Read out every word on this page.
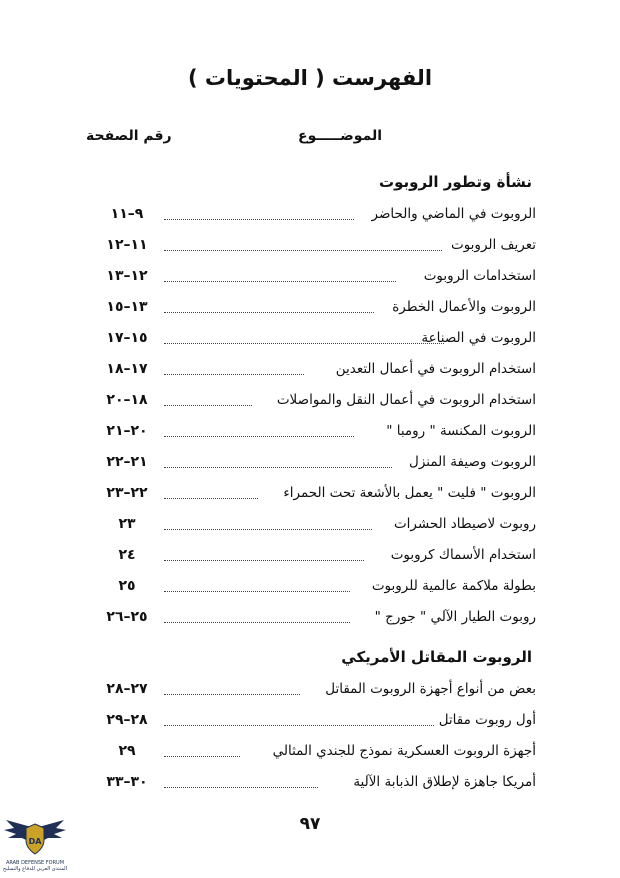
الفهرست ( المحتويات )
الموضـــــوع
رقم الصفحة
نشأة وتطور الروبوت
الروبوت في الماضي والحاضر
٩–١١
تعريف الروبوت
١١–١٢
استخدامات الروبوت
١٢–١٣
الروبوت والأعمال الخطرة
١٣–١٥
الروبوت في الصناعة
١٥–١٧
استخدام الروبوت في أعمال التعدين
١٧–١٨
استخدام الروبوت في أعمال النقل والمواصلات
١٨–٢٠
الروبوت المكنسة " رومبا "
٢٠–٢١
الروبوت وصيفة المنزل
٢١–٢٢
الروبوت " فليت " يعمل بالأشعة تحت الحمراء
٢٢–٢٣
روبوت لاصيطاد الحشرات
٢٣
استخدام الأسماك كروبوت
٢٤
بطولة ملاكمة عالمية للروبوت
٢٥
روبوت الطيار الآلي " جورج "
٢٥–٢٦
الروبوت المقاتل الأمريكي
بعض من أنواع أجهزة الروبوت المقاتل
٢٧–٢٨
أول روبوت مقاتل
٢٨–٢٩
أجهزة الروبوت العسكرية نموذج للجندي المثالي
٢٩
أمريكا جاهزة لإطلاق الذبابة الآلية
٣٠–٣٣
٩٧
DA
ARAB DEFENSE FORUM
المنتدى العربي للدفاع والتسليح
